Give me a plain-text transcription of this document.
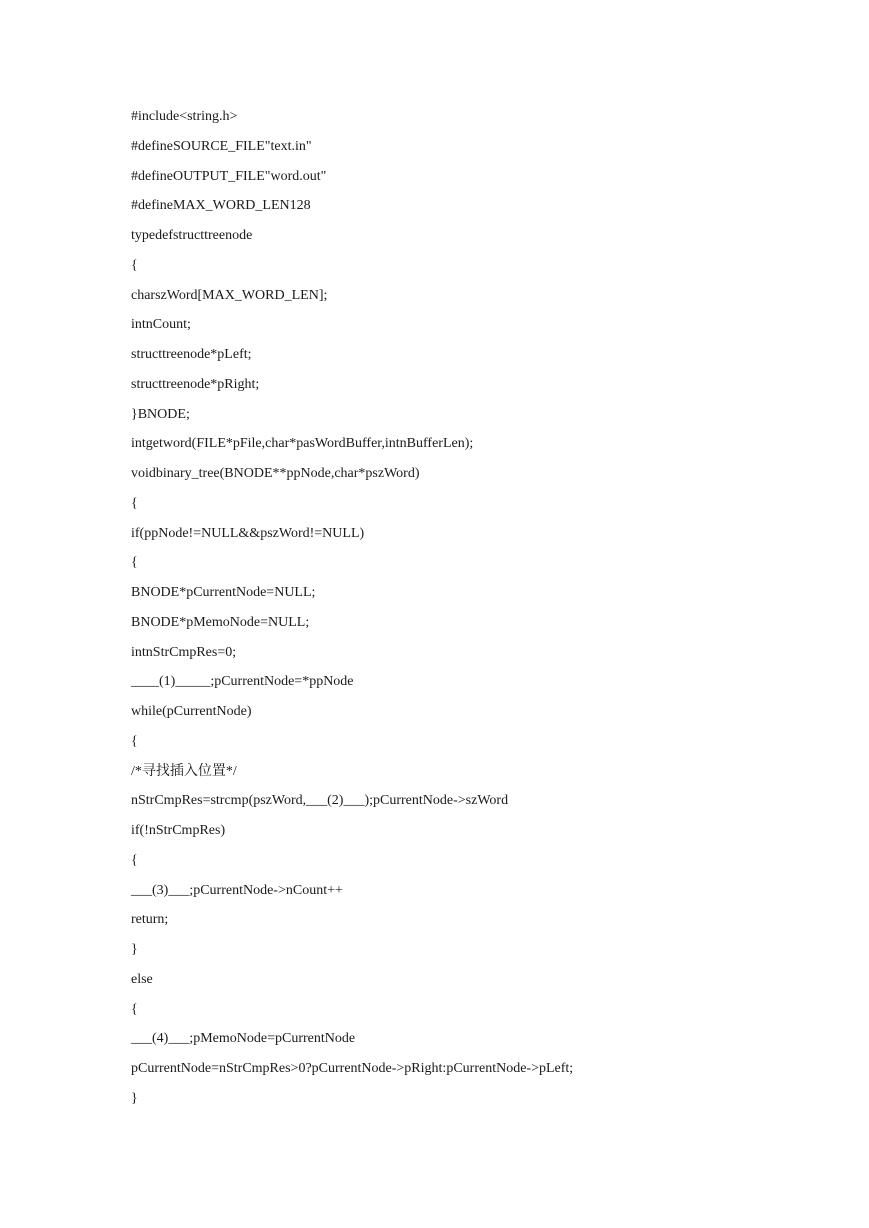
#include<string.h>
#defineSOURCE_FILE"text.in"
#defineOUTPUT_FILE"word.out"
#defineMAX_WORD_LEN128
typedefstructtreenode
{
charszWord[MAX_WORD_LEN];
intnCount;
structtreenode*pLeft;
structtreenode*pRight;
}BNODE;
intgetword(FILE*pFile,char*pasWordBuffer,intnBufferLen);
voidbinary_tree(BNODE**ppNode,char*pszWord)
{
if(ppNode!=NULL&&pszWord!=NULL)
{
BNODE*pCurrentNode=NULL;
BNODE*pMemoNode=NULL;
intnStrCmpRes=0;
____(1)_____;pCurrentNode=*ppNode
while(pCurrentNode)
{
/*寻找插入位置*/
nStrCmpRes=strcmp(pszWord,___(2)___);pCurrentNode->szWord
if(!nStrCmpRes)
{
___(3)___;pCurrentNode->nCount++
return;
}
else
{
___(4)___;pMemoNode=pCurrentNode
pCurrentNode=nStrCmpRes>0?pCurrentNode->pRight:pCurrentNode->pLeft;
}
